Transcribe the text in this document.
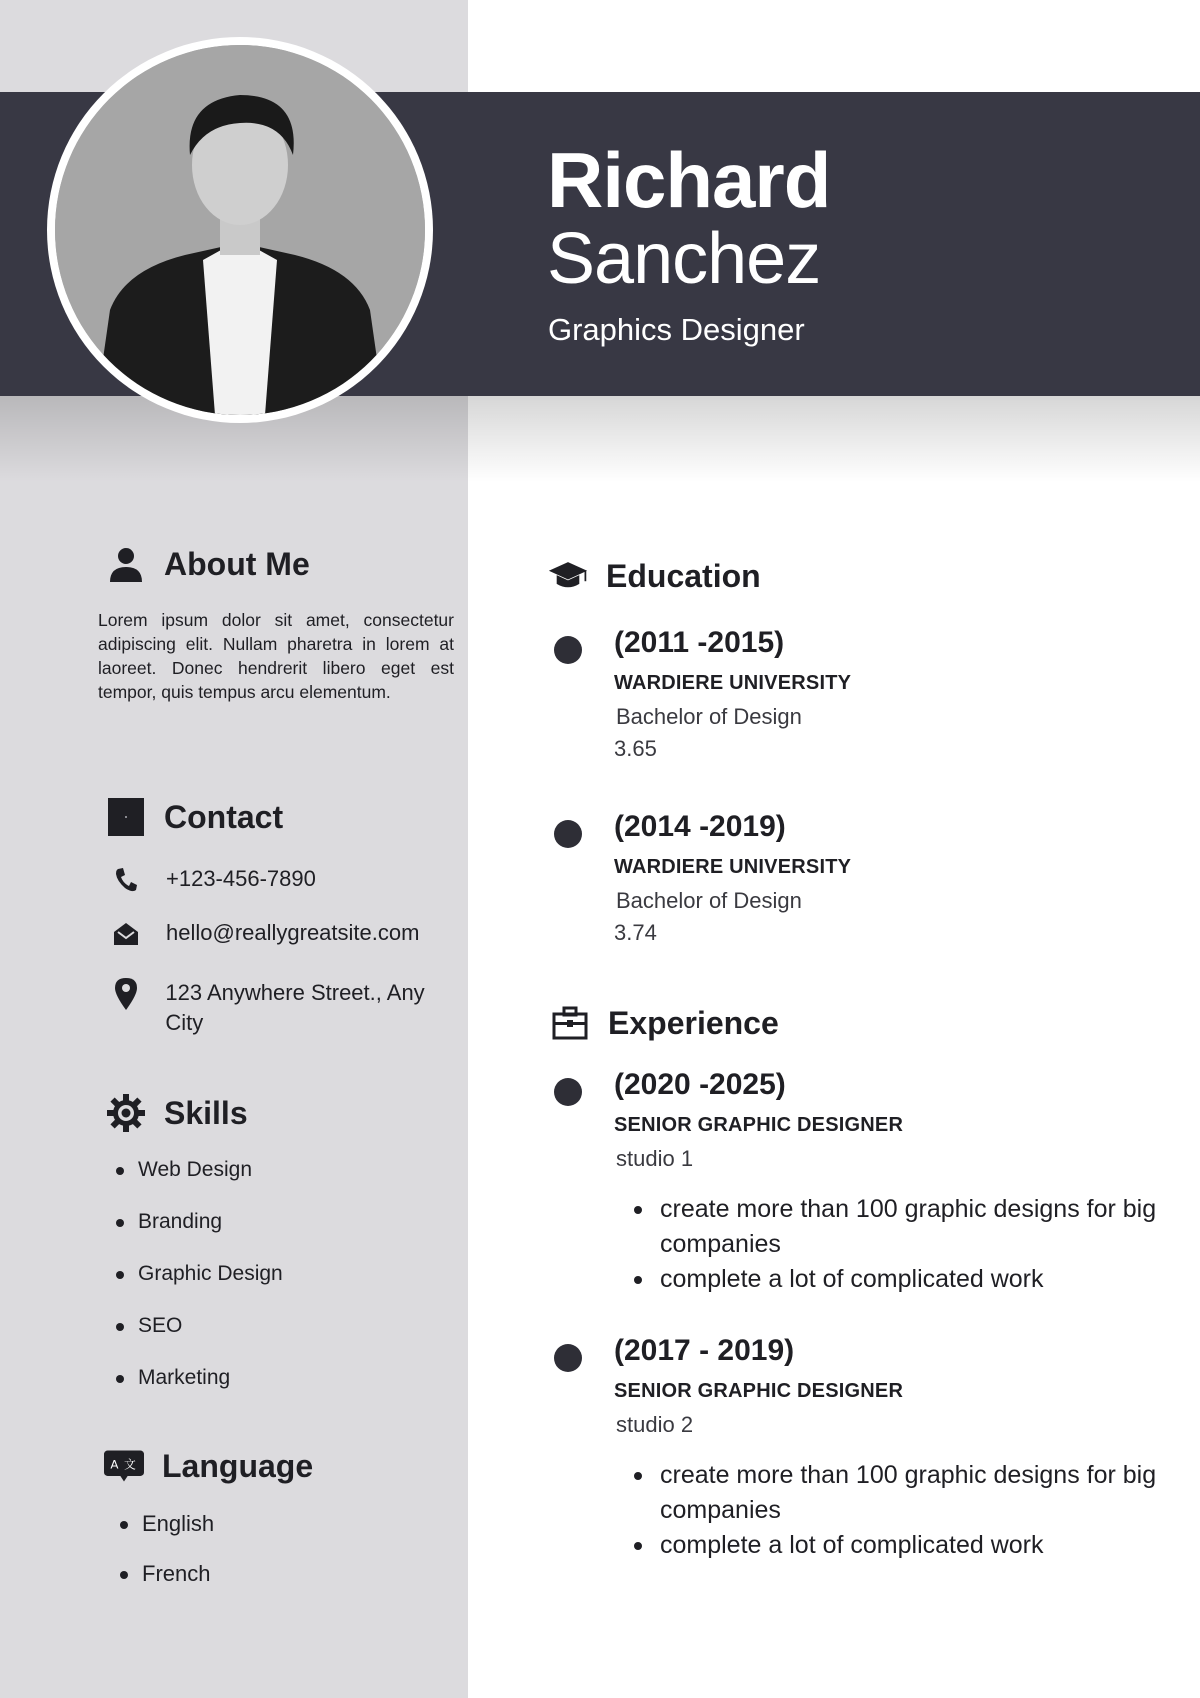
Richard
Sanchez
Graphics Designer
About Me
Lorem ipsum dolor sit amet, consectetur adipiscing elit. Nullam pharetra in lorem at laoreet. Donec hendrerit libero eget est tempor, quis tempus arcu elementum.
Contact
+123-456-7890
hello@reallygreatsite.com
123 Anywhere Street., Any City
Skills
Web Design
Branding
Graphic Design
SEO
Marketing
A 文 Language
English
French
Education
(2011 -2015)
WARDIERE UNIVERSITY
Bachelor of Design
3.65
(2014 -2019)
WARDIERE UNIVERSITY
Bachelor of Design
3.74
Experience
(2020 -2025)
SENIOR GRAPHIC DESIGNER
studio 1
create more than 100 graphic designs for big companies
complete a lot of complicated work
(2017 - 2019)
SENIOR GRAPHIC DESIGNER
studio 2
create more than 100 graphic designs for big companies
complete a lot of complicated work
